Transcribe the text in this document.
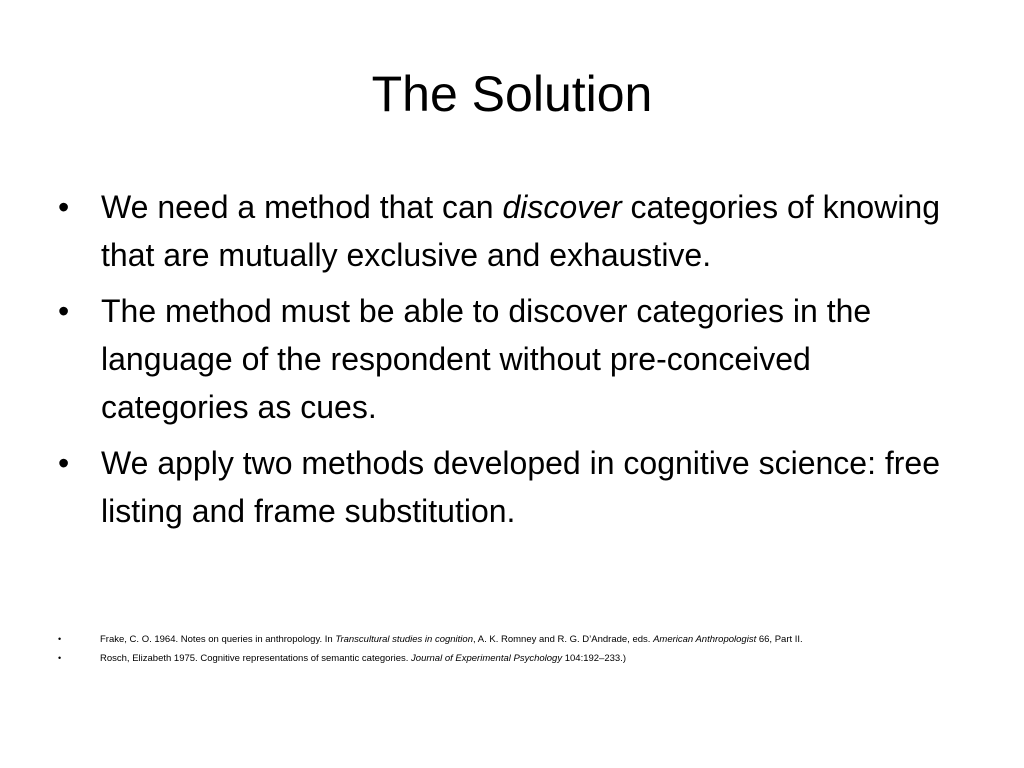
The Solution
• We need a method that can discover categories of knowing that are mutually exclusive and exhaustive.
• The method must be able to discover categories in the language of the respondent without pre-conceived categories as cues.
• We apply two methods developed in cognitive science: free listing and frame substitution.
•	Frake, C. O. 1964. Notes on queries in anthropology. In Transcultural studies in cognition, A. K. Romney and R. G. D’Andrade, eds. American Anthropologist 66, Part II.
•	Rosch, Elizabeth 1975. Cognitive representations of semantic categories. Journal of Experimental Psychology 104:192–233.)
